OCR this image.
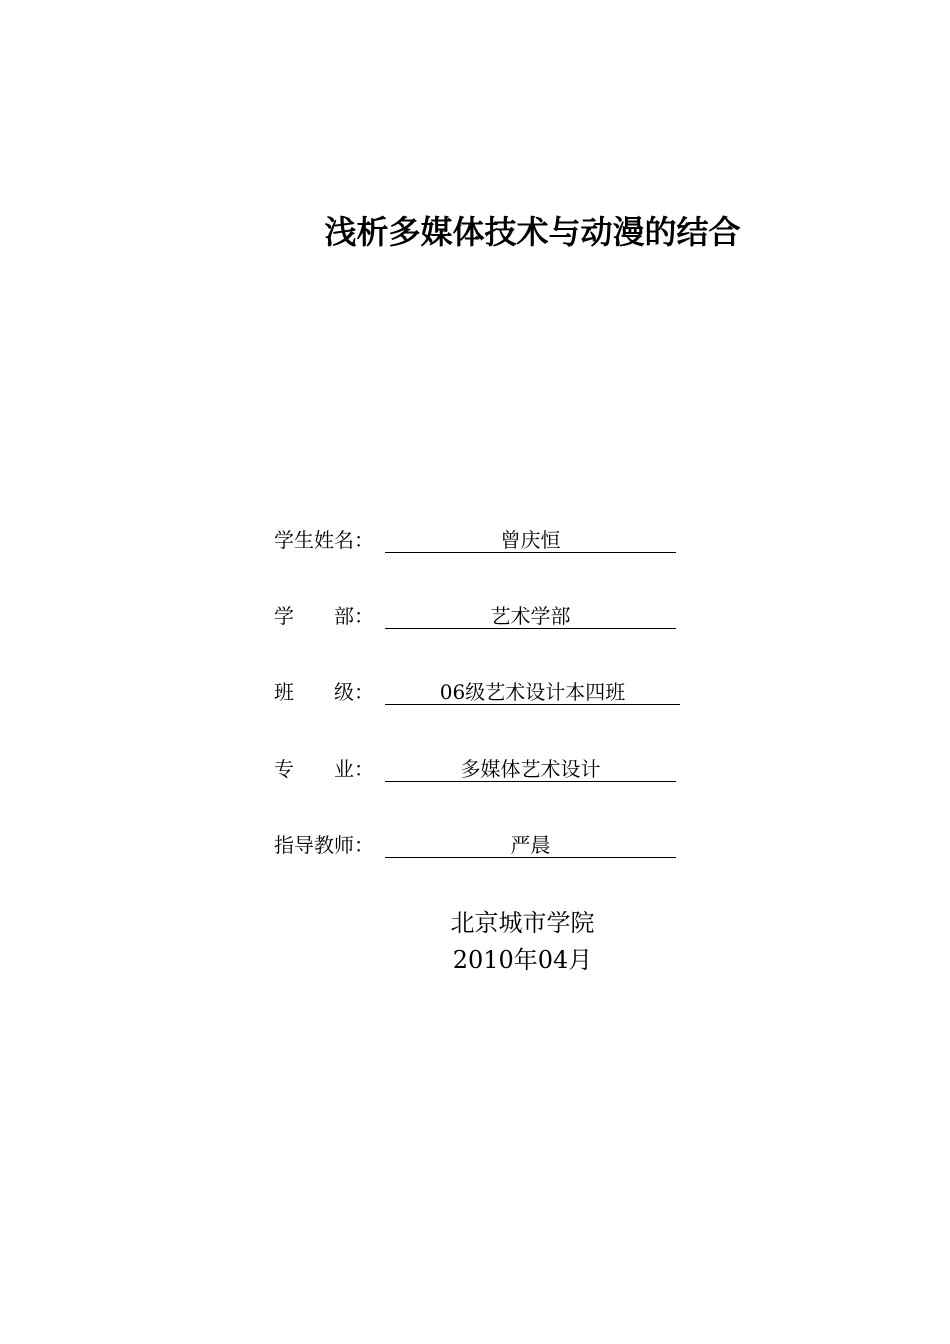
浅析多媒体技术与动漫的结合
学生姓名：	曾庆恒
学　　部：	艺术学部
班　　级：	06级艺术设计本四班
专　　业：	多媒体艺术设计
指导教师：	严晨
北京城市学院
2010年04月
